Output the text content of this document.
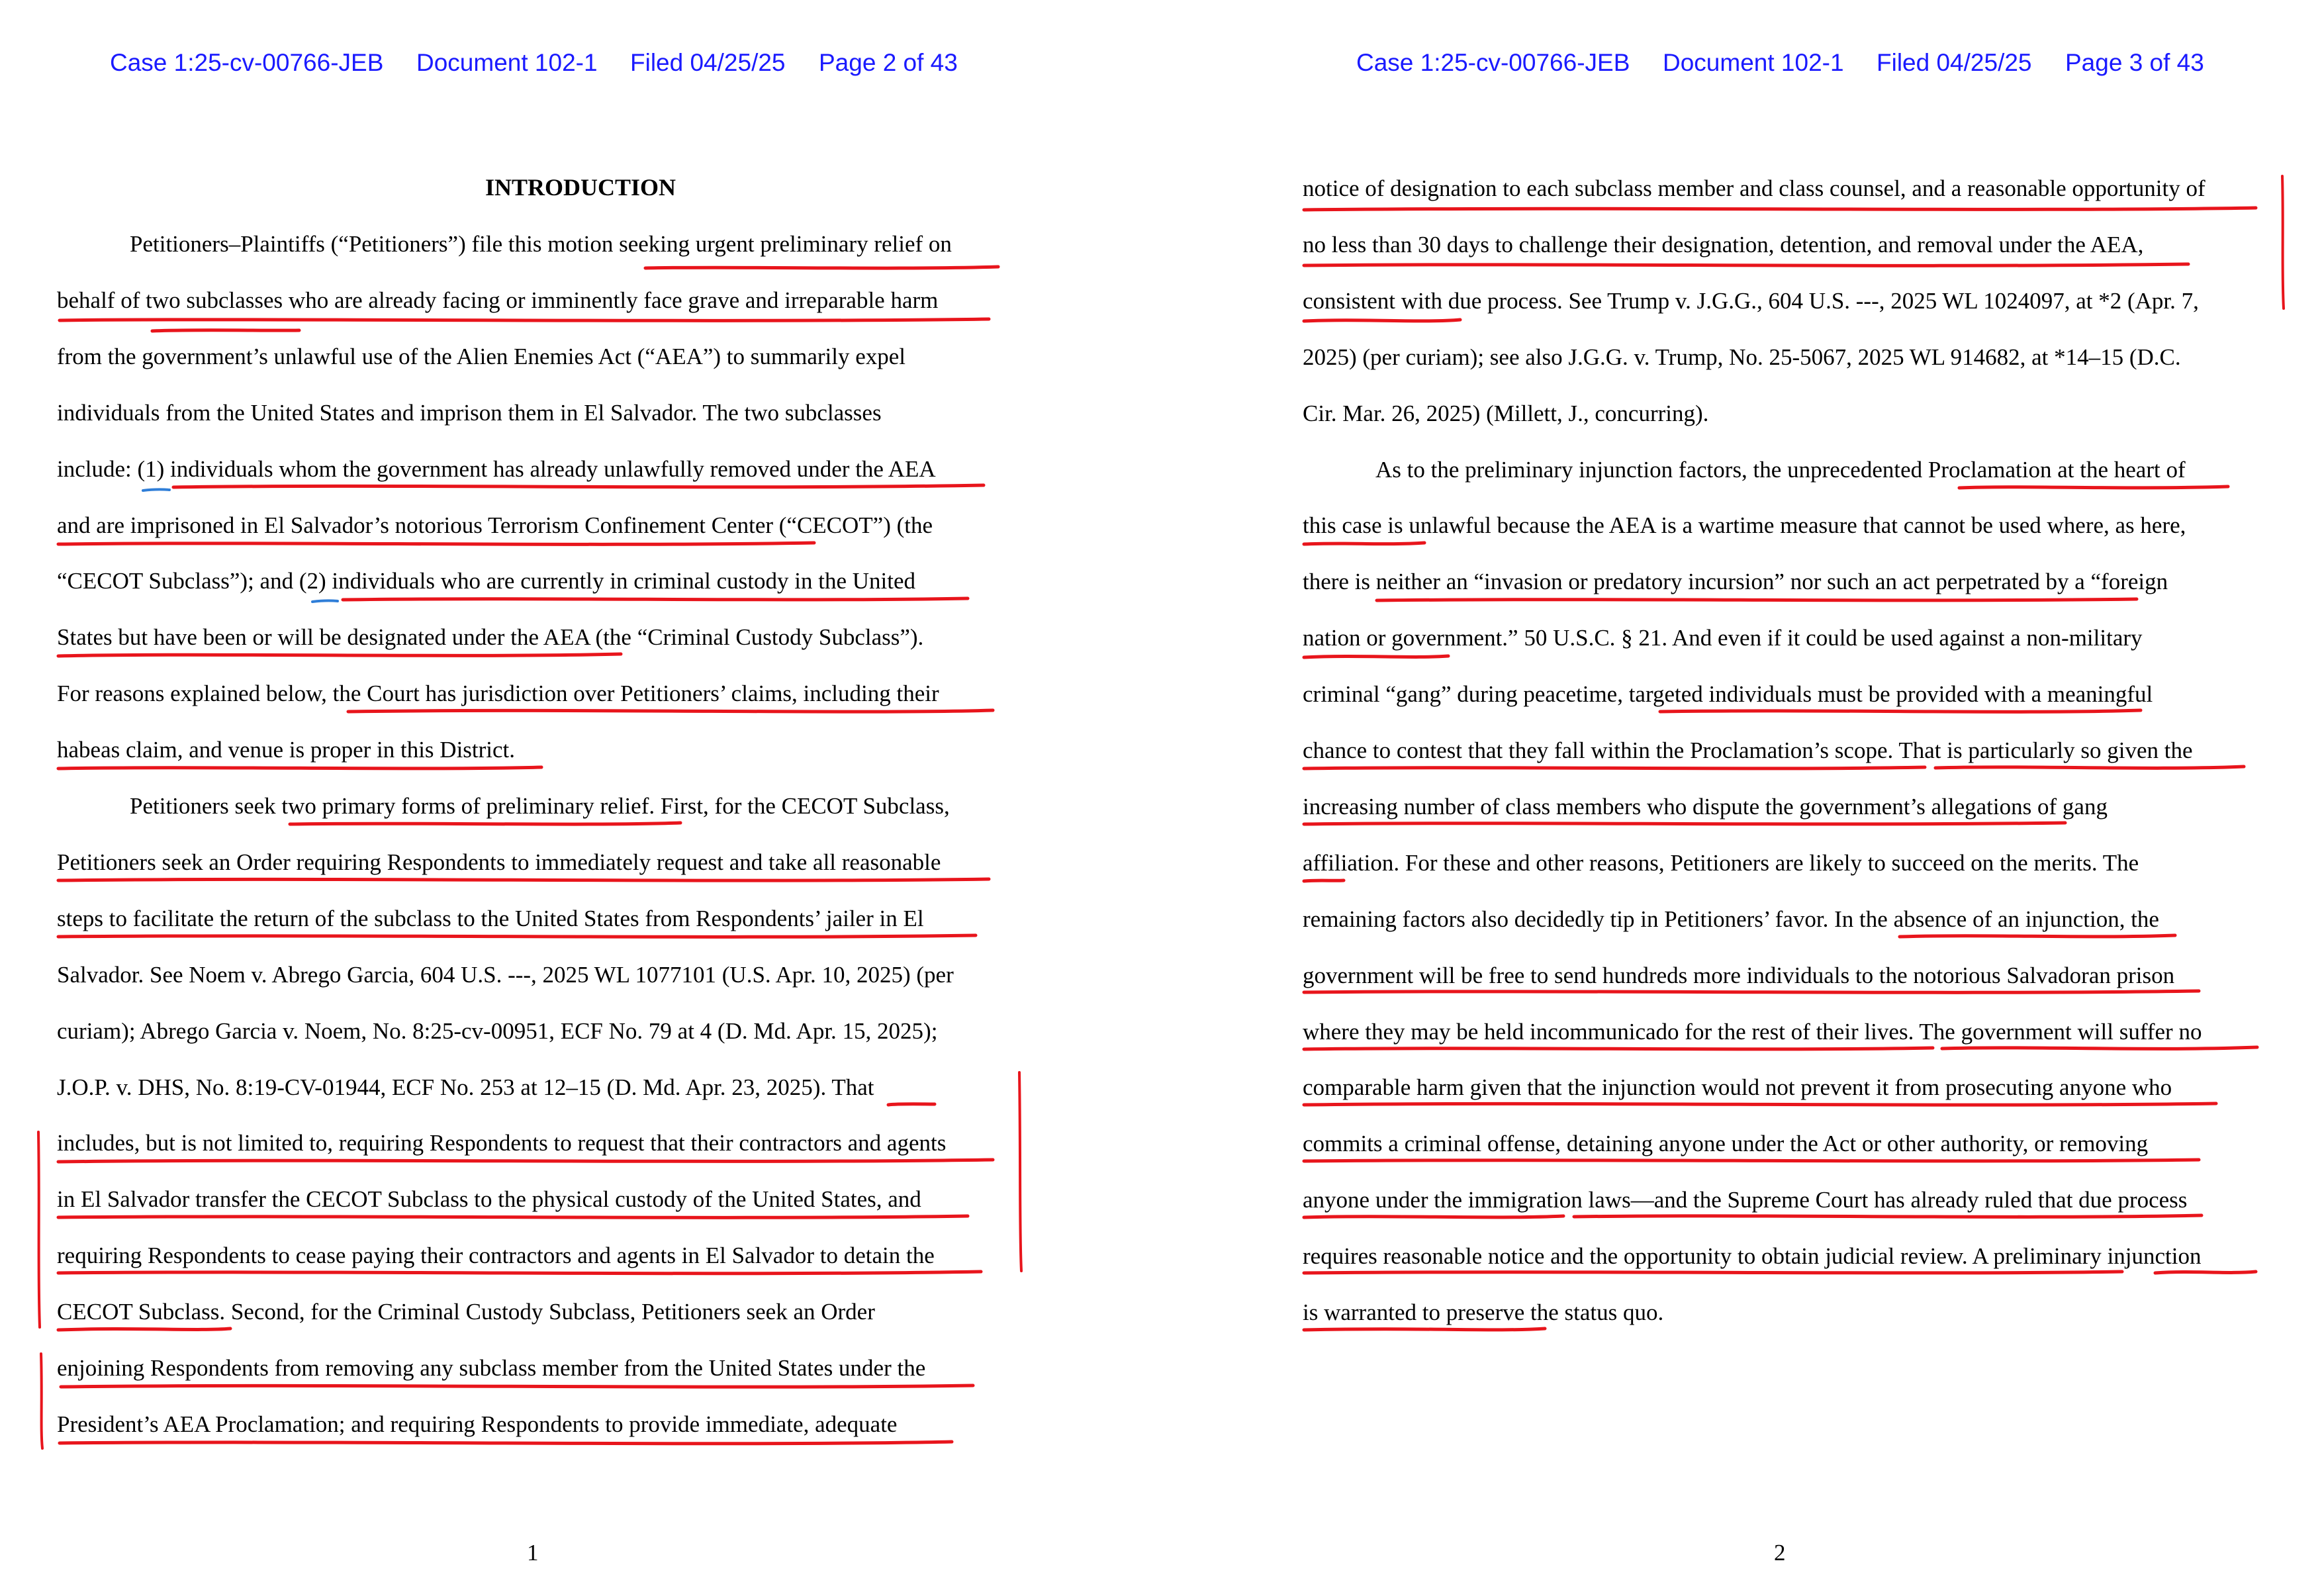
Case 1:25-cv-00766-JEB Document 102-1 Filed 04/25/25 Page 2 of 43
INTRODUCTION
Petitioners–Plaintiffs (“Petitioners”) file this motion seeking urgent preliminary relief on
behalf of two subclasses who are already facing or imminently face grave and irreparable harm
from the government’s unlawful use of the Alien Enemies Act (“AEA”) to summarily expel
individuals from the United States and imprison them in El Salvador. The two subclasses
include: (1) individuals whom the government has already unlawfully removed under the AEA
and are imprisoned in El Salvador’s notorious Terrorism Confinement Center (“CECOT”) (the
“CECOT Subclass”); and (2) individuals who are currently in criminal custody in the United
States but have been or will be designated under the AEA (the “Criminal Custody Subclass”).
For reasons explained below, the Court has jurisdiction over Petitioners’ claims, including their
habeas claim, and venue is proper in this District.
Petitioners seek two primary forms of preliminary relief. First, for the CECOT Subclass,
Petitioners seek an Order requiring Respondents to immediately request and take all reasonable
steps to facilitate the return of the subclass to the United States from Respondents’ jailer in El
Salvador. See Noem v. Abrego Garcia, 604 U.S. ---, 2025 WL 1077101 (U.S. Apr. 10, 2025) (per
curiam); Abrego Garcia v. Noem, No. 8:25-cv-00951, ECF No. 79 at 4 (D. Md. Apr. 15, 2025);
J.O.P. v. DHS, No. 8:19-CV-01944, ECF No. 253 at 12–15 (D. Md. Apr. 23, 2025). That
includes, but is not limited to, requiring Respondents to request that their contractors and agents
in El Salvador transfer the CECOT Subclass to the physical custody of the United States, and
requiring Respondents to cease paying their contractors and agents in El Salvador to detain the
CECOT Subclass. Second, for the Criminal Custody Subclass, Petitioners seek an Order
enjoining Respondents from removing any subclass member from the United States under the
President’s AEA Proclamation; and requiring Respondents to provide immediate, adequate
1
Case 1:25-cv-00766-JEB Document 102-1 Filed 04/25/25 Page 3 of 43
notice of designation to each subclass member and class counsel, and a reasonable opportunity of
no less than 30 days to challenge their designation, detention, and removal under the AEA,
consistent with due process. See Trump v. J.G.G., 604 U.S. ---, 2025 WL 1024097, at *2 (Apr. 7,
2025) (per curiam); see also J.G.G. v. Trump, No. 25-5067, 2025 WL 914682, at *14–15 (D.C.
Cir. Mar. 26, 2025) (Millett, J., concurring).
As to the preliminary injunction factors, the unprecedented Proclamation at the heart of
this case is unlawful because the AEA is a wartime measure that cannot be used where, as here,
there is neither an “invasion or predatory incursion” nor such an act perpetrated by a “foreign
nation or government.” 50 U.S.C. § 21. And even if it could be used against a non-military
criminal “gang” during peacetime, targeted individuals must be provided with a meaningful
chance to contest that they fall within the Proclamation’s scope. That is particularly so given the
increasing number of class members who dispute the government’s allegations of gang
affiliation. For these and other reasons, Petitioners are likely to succeed on the merits. The
remaining factors also decidedly tip in Petitioners’ favor. In the absence of an injunction, the
government will be free to send hundreds more individuals to the notorious Salvadoran prison
where they may be held incommunicado for the rest of their lives. The government will suffer no
comparable harm given that the injunction would not prevent it from prosecuting anyone who
commits a criminal offense, detaining anyone under the Act or other authority, or removing
anyone under the immigration laws—and the Supreme Court has already ruled that due process
requires reasonable notice and the opportunity to obtain judicial review. A preliminary injunction
is warranted to preserve the status quo.
2
